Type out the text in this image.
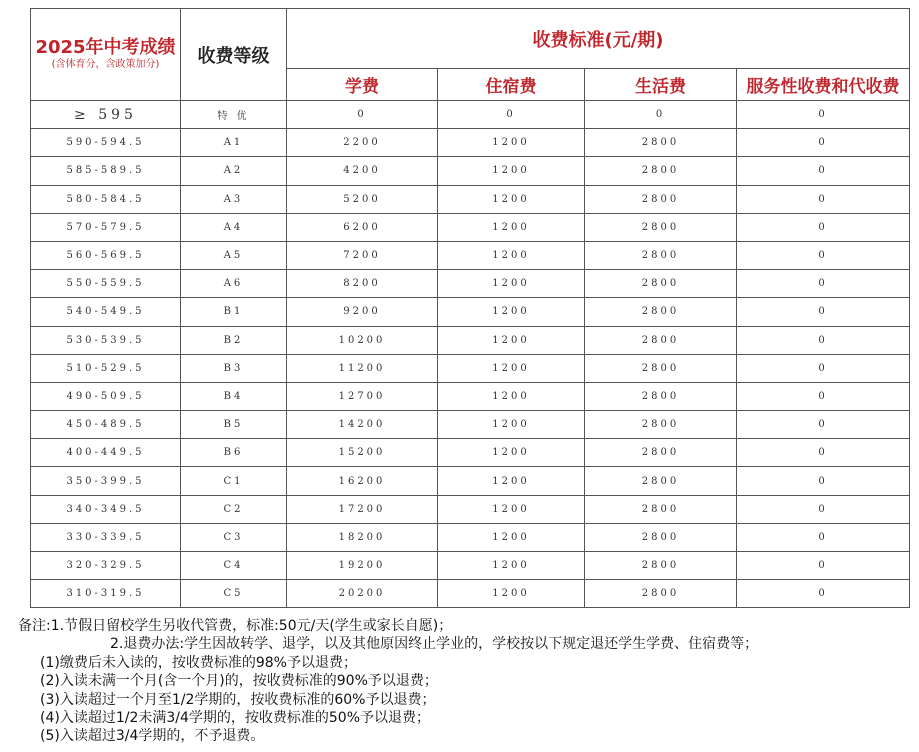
2025年中考成绩
(含体育分，含政策加分)	收费等级	收费标准(元/期)			
		学费	住宿费	生活费	服务性收费和代收费
≥ 595	特 优	0	0	0	0
590-594.5	A1	2200	1200	2800	0
585-589.5	A2	4200	1200	2800	0
580-584.5	A3	5200	1200	2800	0
570-579.5	A4	6200	1200	2800	0
560-569.5	A5	7200	1200	2800	0
550-559.5	A6	8200	1200	2800	0
540-549.5	B1	9200	1200	2800	0
530-539.5	B2	10200	1200	2800	0
510-529.5	B3	11200	1200	2800	0
490-509.5	B4	12700	1200	2800	0
450-489.5	B5	14200	1200	2800	0
400-449.5	B6	15200	1200	2800	0
350-399.5	C1	16200	1200	2800	0
340-349.5	C2	17200	1200	2800	0
330-339.5	C3	18200	1200	2800	0
320-329.5	C4	19200	1200	2800	0
310-319.5	C5	20200	1200	2800	0
备注:1.节假日留校学生另收代管费，标准:50元/天(学生或家长自愿)；
2.退费办法:学生因故转学、退学，以及其他原因终止学业的，学校按以下规定退还学生学费、住宿费等；
(1)缴费后未入读的，按收费标准的98%予以退费；
(2)入读未满一个月(含一个月)的，按收费标准的90%予以退费；
(3)入读超过一个月至1/2学期的，按收费标准的60%予以退费；
(4)入读超过1/2未满3/4学期的，按收费标准的50%予以退费；
(5)入读超过3/4学期的，不予退费。
